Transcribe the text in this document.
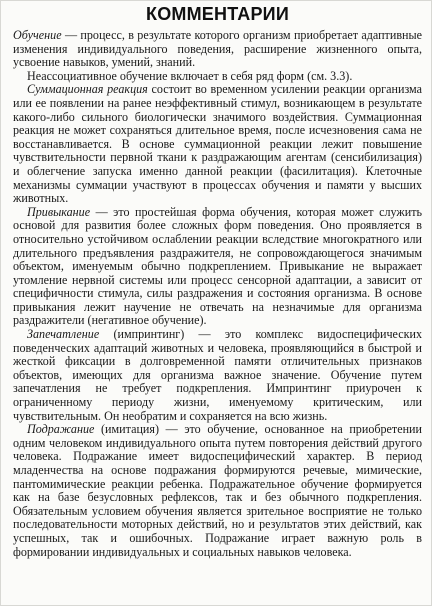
КОММЕНТАРИИ

Обучение — процесс, в результате которого организм приобретает адаптивные изменения индивидуального поведения, расширение жизненного опыта, усвоение навыков, умений, знаний.

Неассоциативное обучение включает в себя ряд форм (см. 3.3).

Суммационная реакция состоит во временном усилении реакции организма или ее появлении на ранее неэффективный стимул, возникающем в результате какого-либо сильного биологически значимого воздействия. Суммационная реакция не может сохраняться длительное время, после исчезновения сама не восстанавливается. В основе суммационной реакции лежит повышение чувствительности первной ткани к раздражающим агентам (сенсибилизация) и облегчение запуска именно данной реакции (фасилитация). Клеточные механизмы суммации участвуют в процессах обучения и памяти у высших животных.

Привыкание — это простейшая форма обучения, которая может служить основой для развития более сложных форм поведения. Оно проявляется в относительно устойчивом ослаблении реакции вследствие многократного или длительного предъявления раздражителя, не сопровождающегося значимым объектом, именуемым обычно подкреплением. Привыкание не выражает утомление нервной системы или процесс сенсорной адаптации, а зависит от специфичности стимула, силы раздражения и состояния организма. В основе привыкания лежит научение не отвечать на незначимые для организма раздражители (негативное обучение).

Запечатление (импринтинг) — это комплекс видоспецифических поведенческих адаптаций животных и человека, проявляющийся в быстрой и жесткой фиксации в долговременной памяти отличительных признаков объектов, имеющих для организма важное значение. Обучение путем запечатления не требует подкрепления. Импринтинг приурочен к ограниченному периоду жизни, именуемому критическим, или чувствительным. Он необратим и сохраняется на всю жизнь.

Подражание (имитация) — это обучение, основанное на приобретении одним человеком индивидуального опыта путем повторения действий другого человека. Подражание имеет видоспецифический характер. В период младенчества на основе подражания формируются речевые, мимические, пантомимические реакции ребенка. Подражательное обучение формируется как на базе безусловных рефлексов, так и без обычного подкрепления. Обязательным условием обучения является зрительное восприятие не только последовательности моторных действий, но и результатов этих действий, как успешных, так и ошибочных. Подражание играет важную роль в формировании индивидуальных и социальных навыков человека.
